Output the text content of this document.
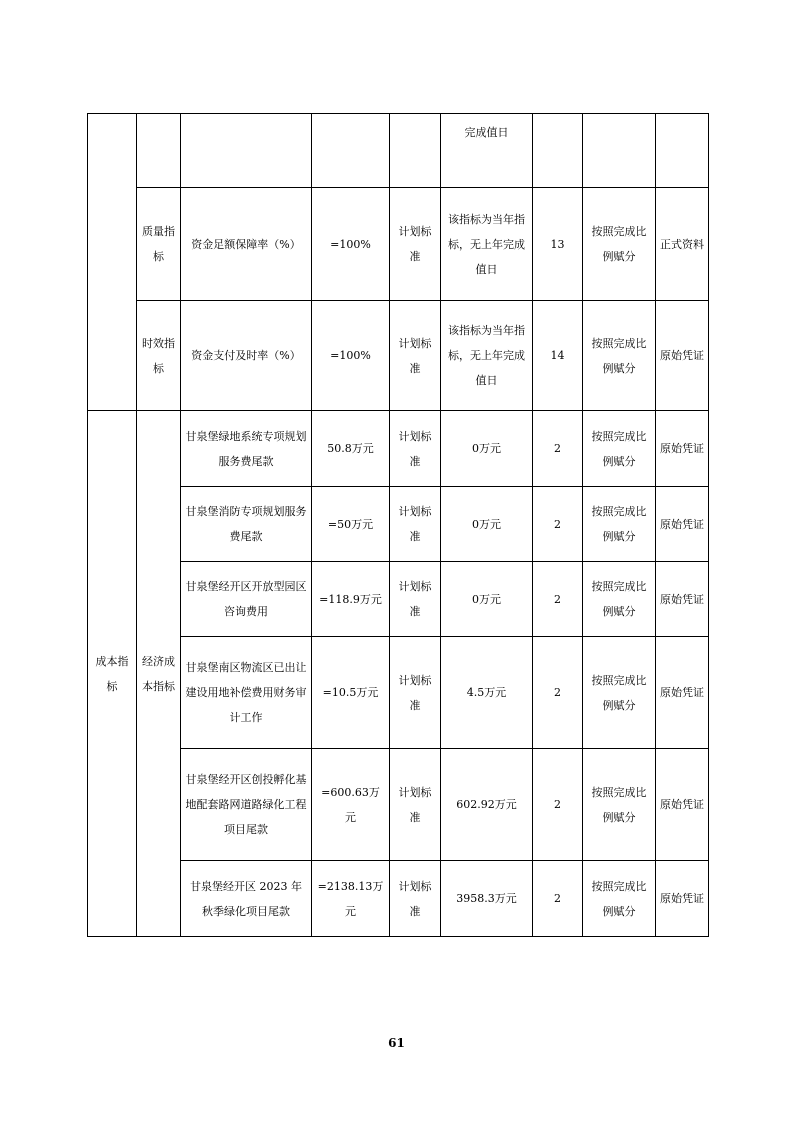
					完成值日			
	质量指标	资金足额保障率（%）	=100%	计划标准	该指标为当年指标，无上年完成值日	13	按照完成比例赋分	正式资料
	时效指标	资金支付及时率（%）	=100%	计划标准	该指标为当年指标，无上年完成值日	14	按照完成比例赋分	原始凭证
成本指标	经济成本指标	甘泉堡绿地系统专项规划服务费尾款	50.8万元	计划标准	0万元	2	按照完成比例赋分	原始凭证
		甘泉堡消防专项规划服务费尾款	=50万元	计划标准	0万元	2	按照完成比例赋分	原始凭证
		甘泉堡经开区开放型园区咨询费用	=118.9万元	计划标准	0万元	2	按照完成比例赋分	原始凭证
		甘泉堡南区物流区已出让建设用地补偿费用财务审计工作	=10.5万元	计划标准	4.5万元	2	按照完成比例赋分	原始凭证
		甘泉堡经开区创投孵化基地配套路网道路绿化工程项目尾款	=600.63万元	计划标准	602.92万元	2	按照完成比例赋分	原始凭证
		甘泉堡经开区 2023 年秋季绿化项目尾款	=2138.13万元	计划标准	3958.3万元	2	按照完成比例赋分	原始凭证
61
